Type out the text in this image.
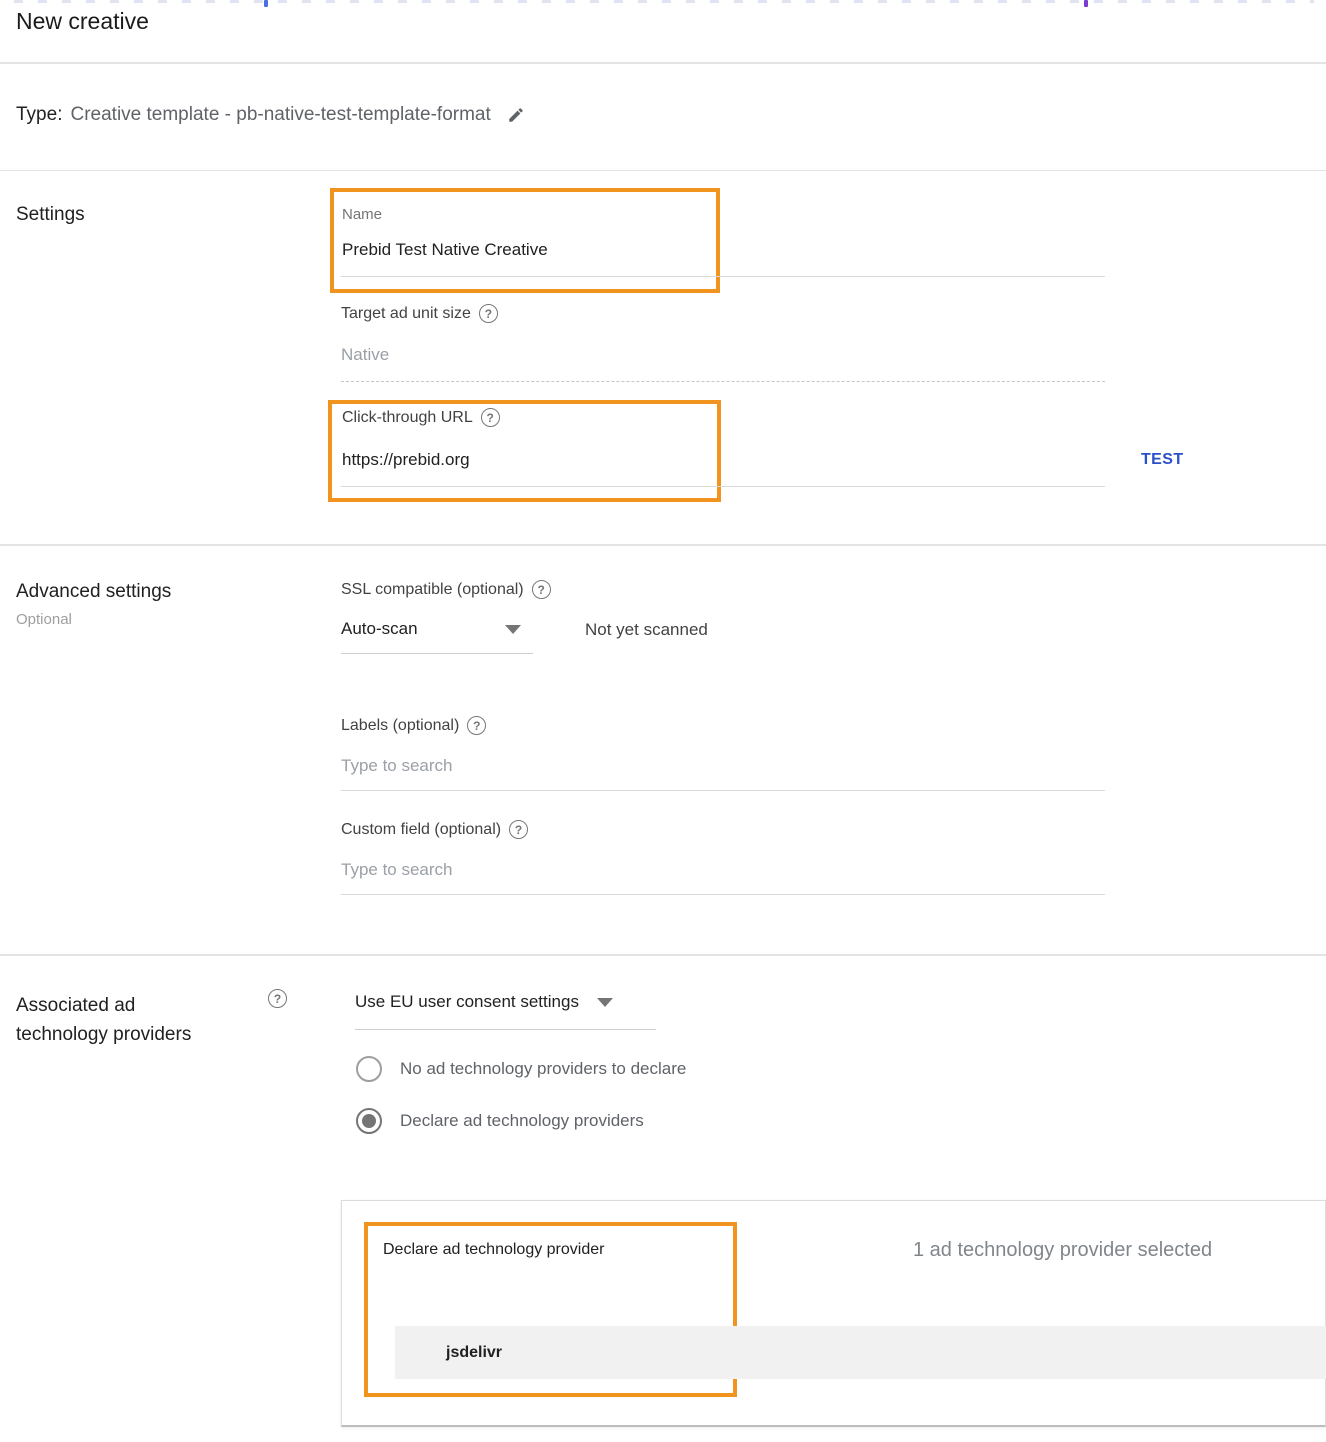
New creative
Type: Creative template - pb-native-test-template-format
Settings	Name
Prebid Test Native Creative
Target ad unit size	?
Native
Click-through URL	?
https://prebid.org	TEST
Advanced settings
Optional
SSL compatible (optional)	?
Auto-scan	Not yet scanned
Labels (optional)	?
Type to search
Custom field (optional)	?
Type to search
Associated ad
technology providers
?	Use EU user consent settings
No ad technology providers to declare
Declare ad technology providers
Declare ad technology provider	1 ad technology provider selected
jsdelivr
